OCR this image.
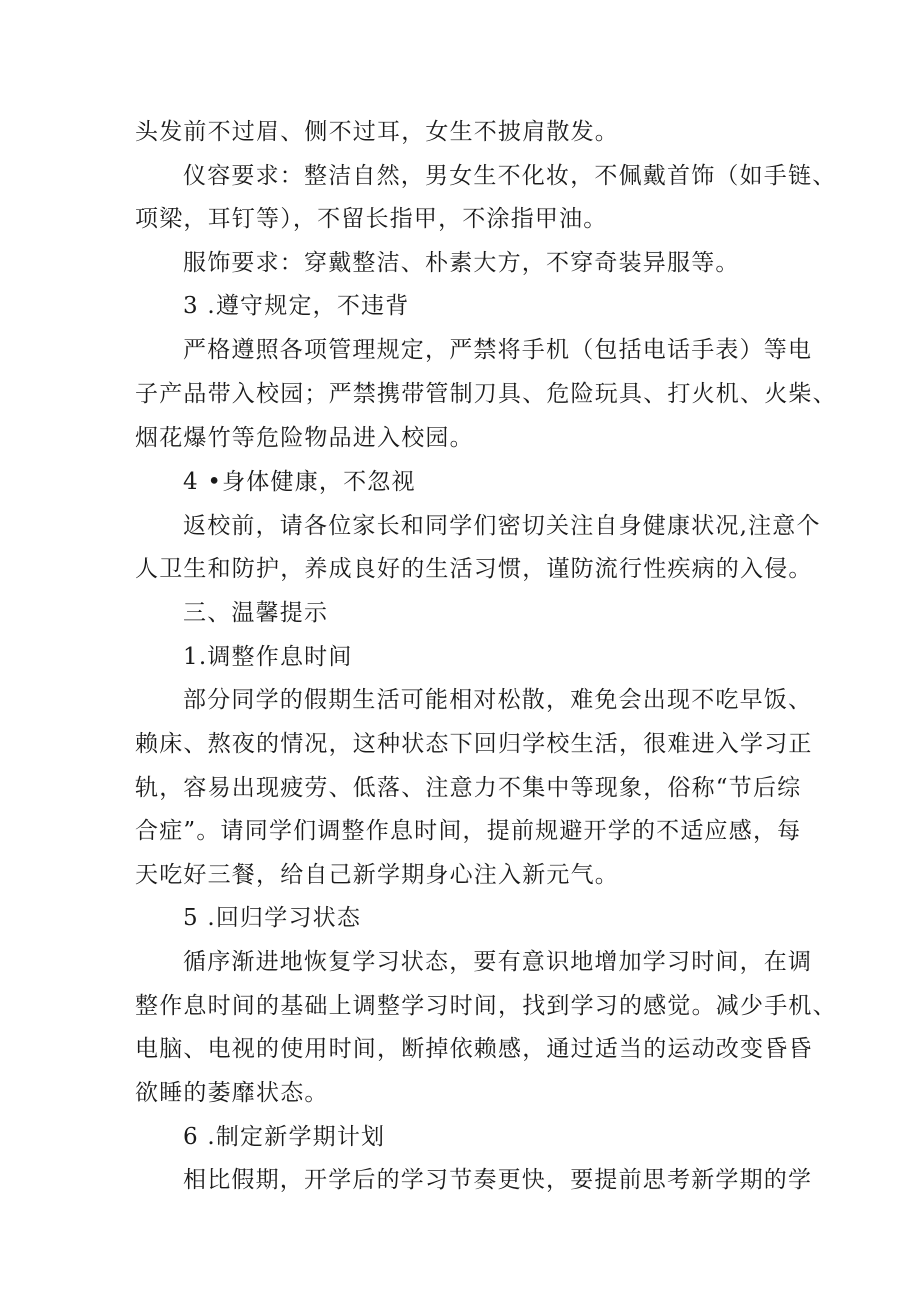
头发前不过眉、侧不过耳，女生不披肩散发。
仪容要求：整洁自然，男女生不化妆，不佩戴首饰（如手链、
项梁，耳钉等），不留长指甲，不涂指甲油。
服饰要求：穿戴整洁、朴素大方，不穿奇装异服等。
3 .遵守规定，不违背
严格遵照各项管理规定，严禁将手机（包括电话手表）等电
子产品带入校园；严禁携带管制刀具、危险玩具、打火机、火柴、
烟花爆竹等危险物品进入校园。
4 •身体健康，不忽视
返校前，请各位家长和同学们密切关注自身健康状况,注意个
人卫生和防护，养成良好的生活习惯，谨防流行性疾病的入侵。
三、温馨提示
1.调整作息时间
部分同学的假期生活可能相对松散，难免会出现不吃早饭、
赖床、熬夜的情况，这种状态下回归学校生活，很难进入学习正
轨，容易出现疲劳、低落、注意力不集中等现象，俗称“节后综
合症”。请同学们调整作息时间，提前规避开学的不适应感，每
天吃好三餐，给自己新学期身心注入新元气。
5 .回归学习状态
循序渐进地恢复学习状态，要有意识地增加学习时间，在调
整作息时间的基础上调整学习时间，找到学习的感觉。减少手机、
电脑、电视的使用时间，断掉依赖感，通过适当的运动改变昏昏
欲睡的萎靡状态。
6 .制定新学期计划
相比假期，开学后的学习节奏更快，要提前思考新学期的学
